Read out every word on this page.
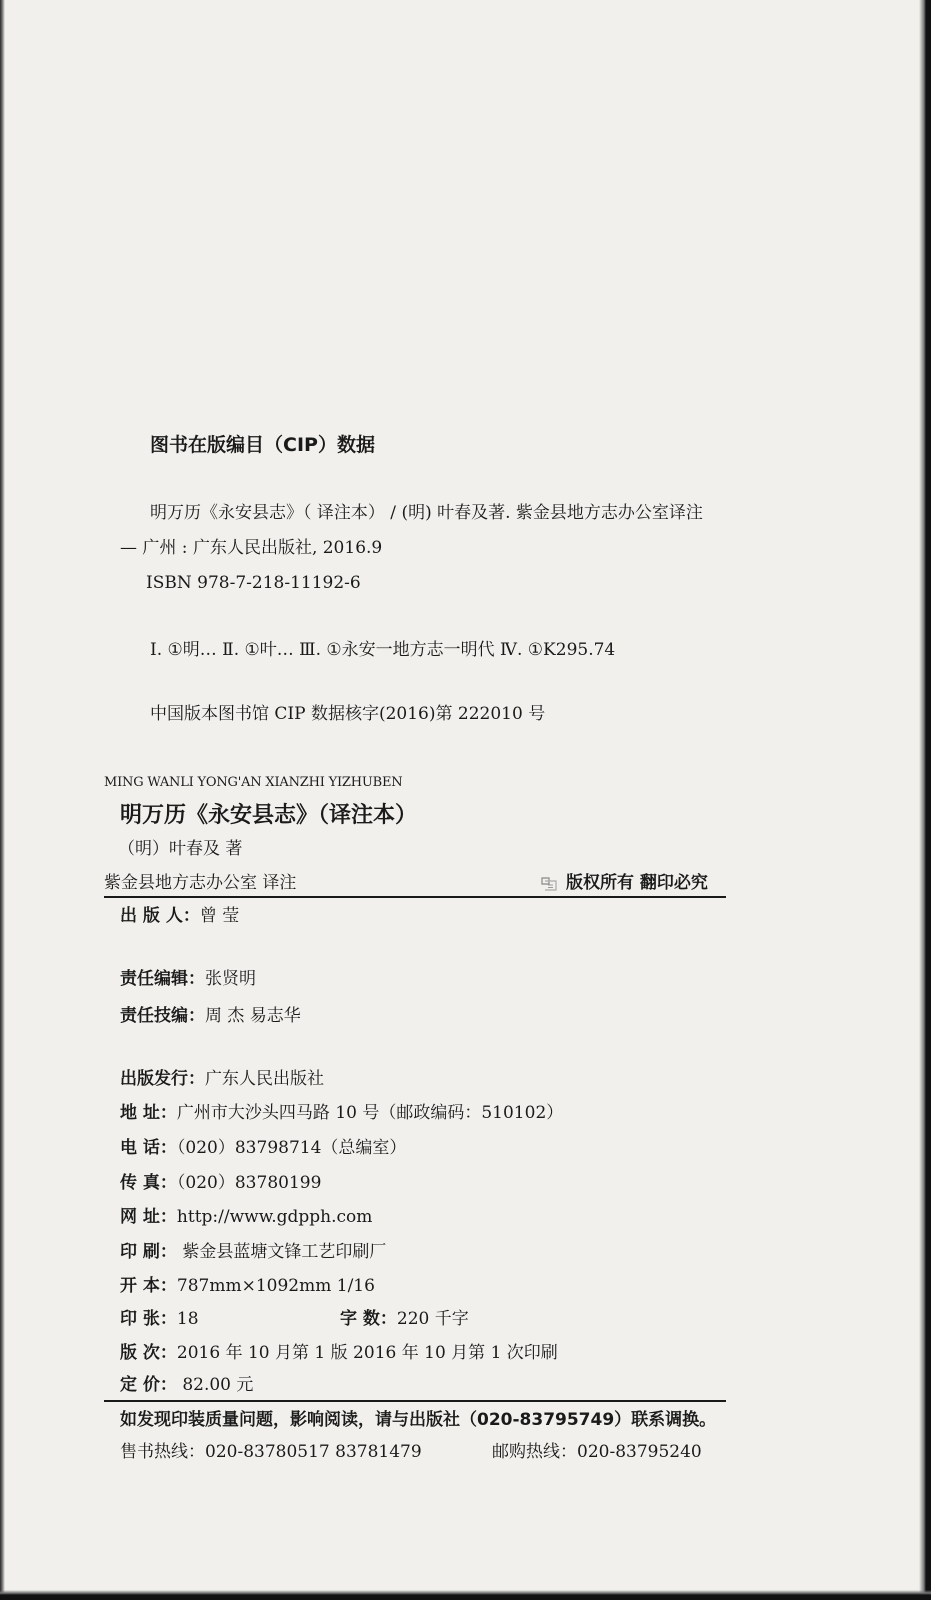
图书在版编目（CIP）数据
明万历《永安县志》（ 译注本） / (明) 叶春及著. 紫金县地方志办公室译注
— 广州 : 广东人民出版社, 2016.9
ISBN 978-7-218-11192-6
Ⅰ. ①明… Ⅱ. ①叶… Ⅲ. ①永安一地方志一明代 Ⅳ. ①K295.74
中国版本图书馆 CIP 数据核字(2016)第 222010 号
MING WANLI YONG'AN XIANZHI YIZHUBEN
明万历《永安县志》（译注本）
（明）叶春及 著
紫金县地方志办公室 译注	版权所有 翻印必究
出 版 人：曾 莹
责任编辑：张贤明
责任技编：周 杰 易志华
出版发行：广东人民出版社
地 址：广州市大沙头四马路 10 号（邮政编码：510102）
电 话：（020）83798714（总编室）
传 真：（020）83780199
网 址：http://www.gdpph.com
印 刷： 紫金县蓝塘文锋工艺印刷厂
开 本：787mm×1092mm 1/16
印 张：18	字 数：220 千字
版 次：2016 年 10 月第 1 版 2016 年 10 月第 1 次印刷
定 价： 82.00 元
如发现印装质量问题，影响阅读，请与出版社（020-83795749）联系调换。
售书热线：020-83780517 83781479	邮购热线：020-83795240
